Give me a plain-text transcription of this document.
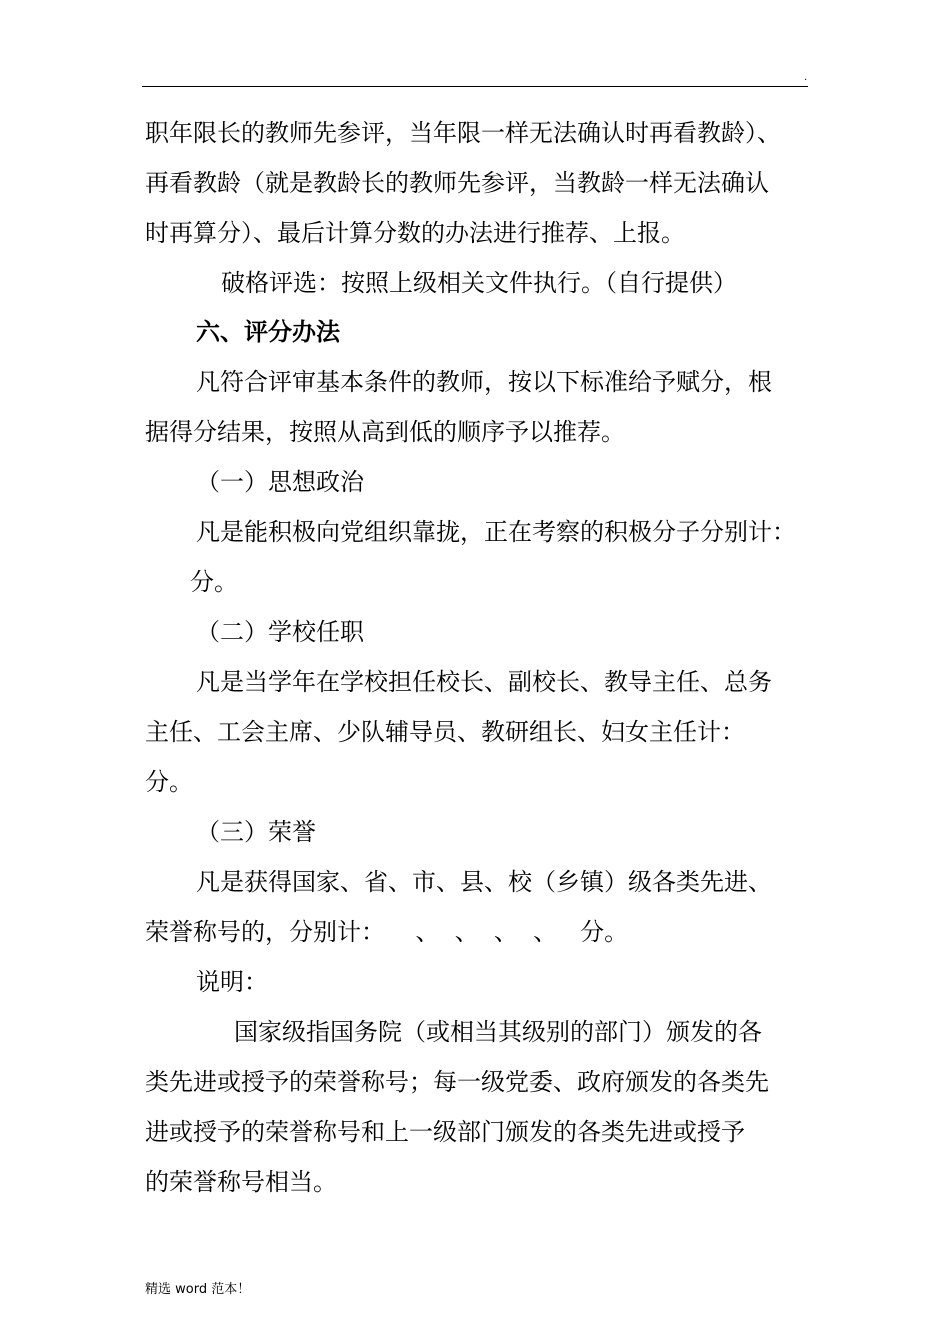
.
职年限长的教师先参评，当年限一样无法确认时再看教龄）、
再看教龄（就是教龄长的教师先参评，当教龄一样无法确认
时再算分）、最后计算分数的办法进行推荐、上报。
破格评选：按照上级相关文件执行。（自行提供）
六、评分办法
凡符合评审基本条件的教师，按以下标准给予赋分，根
据得分结果，按照从高到低的顺序予以推荐。
（一）思想政治
凡是能积极向党组织靠拢，正在考察的积极分子分别计：
分。
（二）学校任职
凡是当学年在学校担任校长、副校长、教导主任、总务
主任、工会主席、少队辅导员、教研组长、妇女主任计：
分。
（三）荣誉
凡是获得国家、省、市、县、校（乡镇）级各类先进、
荣誉称号的，分别计：    、  、  、  、   分。
说明：
国家级指国务院（或相当其级别的部门）颁发的各
类先进或授予的荣誉称号；每一级党委、政府颁发的各类先
进或授予的荣誉称号和上一级部门颁发的各类先进或授予
的荣誉称号相当。
精选 word 范本！
